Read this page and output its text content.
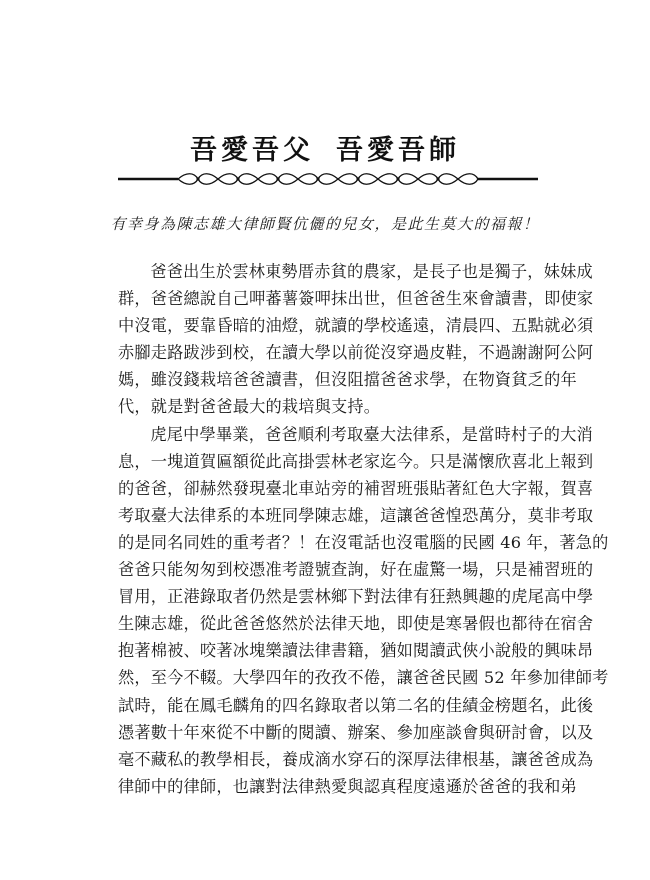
吾愛吾父 吾愛吾師
有幸身為陳志雄大律師賢伉儷的兒女，是此生莫大的福報！

爸爸出生於雲林東勢厝赤貧的農家，是長子也是獨子，妹妹成
群，爸爸總說自己呷蕃薯簽呷抹出世，但爸爸生來會讀書，即使家
中沒電，要靠昏暗的油燈，就讀的學校遙遠，清晨四、五點就必須
赤腳走路跋涉到校，在讀大學以前從沒穿過皮鞋，不過謝謝阿公阿
媽，雖沒錢栽培爸爸讀書，但沒阻擋爸爸求學，在物資貧乏的年
代，就是對爸爸最大的栽培與支持。

虎尾中學畢業，爸爸順利考取臺大法律系，是當時村子的大消
息，一塊道賀匾額從此高掛雲林老家迄今。只是滿懷欣喜北上報到
的爸爸，卻赫然發現臺北車站旁的補習班張貼著紅色大字報，賀喜
考取臺大法律系的本班同學陳志雄，這讓爸爸惶恐萬分，莫非考取
的是同名同姓的重考者？！在沒電話也沒電腦的民國 46 年，著急的
爸爸只能匆匆到校憑准考證號查詢，好在虛驚一場，只是補習班的
冒用，正港錄取者仍然是雲林鄉下對法律有狂熱興趣的虎尾高中學
生陳志雄，從此爸爸悠然於法律天地，即使是寒暑假也都待在宿舍
抱著棉被、咬著冰塊樂讀法律書籍，猶如閱讀武俠小說般的興味昂
然，至今不輟。大學四年的孜孜不倦，讓爸爸民國 52 年參加律師考
試時，能在鳳毛麟角的四名錄取者以第二名的佳績金榜題名，此後
憑著數十年來從不中斷的閱讀、辦案、參加座談會與研討會，以及
毫不藏私的教學相長，養成滴水穿石的深厚法律根基，讓爸爸成為
律師中的律師，也讓對法律熱愛與認真程度遠遜於爸爸的我和弟
